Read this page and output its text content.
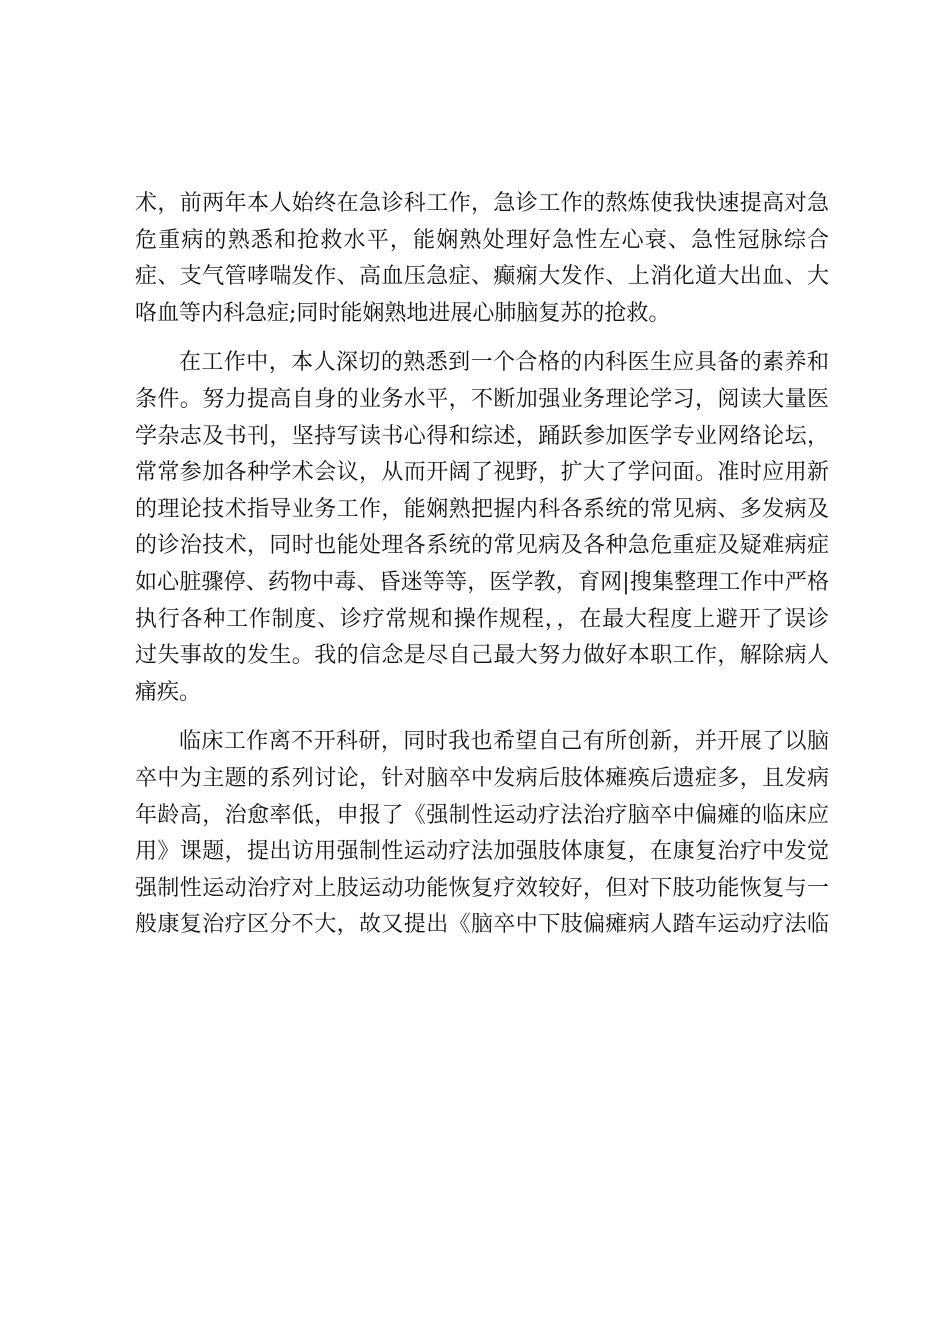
术，前两年本人始终在急诊科工作，急诊工作的熬炼使我快速提高对急
危重病的熟悉和抢救水平，能娴熟处理好急性左心衰、急性冠脉综合
症、支气管哮喘发作、高血压急症、癫痫大发作、上消化道大出血、大
咯血等内科急症;同时能娴熟地进展心肺脑复苏的抢救。
在工作中，本人深切的熟悉到一个合格的内科医生应具备的素养和
条件。努力提高自身的业务水平，不断加强业务理论学习，阅读大量医
学杂志及书刊，坚持写读书心得和综述，踊跃参加医学专业网络论坛，
常常参加各种学术会议，从而开阔了视野，扩大了学问面。准时应用新
的理论技术指导业务工作，能娴熟把握内科各系统的常见病、多发病及
的诊治技术，同时也能处理各系统的常见病及各种急危重症及疑难病症
如心脏骤停、药物中毒、昏迷等等，医学教，育网|搜集整理工作中严格
执行各种工作制度、诊疗常规和操作规程，，在最大程度上避开了误诊
过失事故的发生。我的信念是尽自己最大努力做好本职工作，解除病人
痛疾。
临床工作离不开科研，同时我也希望自己有所创新，并开展了以脑
卒中为主题的系列讨论，针对脑卒中发病后肢体瘫痪后遗症多，且发病
年龄高，治愈率低，申报了《强制性运动疗法治疗脑卒中偏瘫的临床应
用》课题，提出访用强制性运动疗法加强肢体康复，在康复治疗中发觉
强制性运动治疗对上肢运动功能恢复疗效较好，但对下肢功能恢复与一
般康复治疗区分不大，故又提出《脑卒中下肢偏瘫病人踏车运动疗法临
